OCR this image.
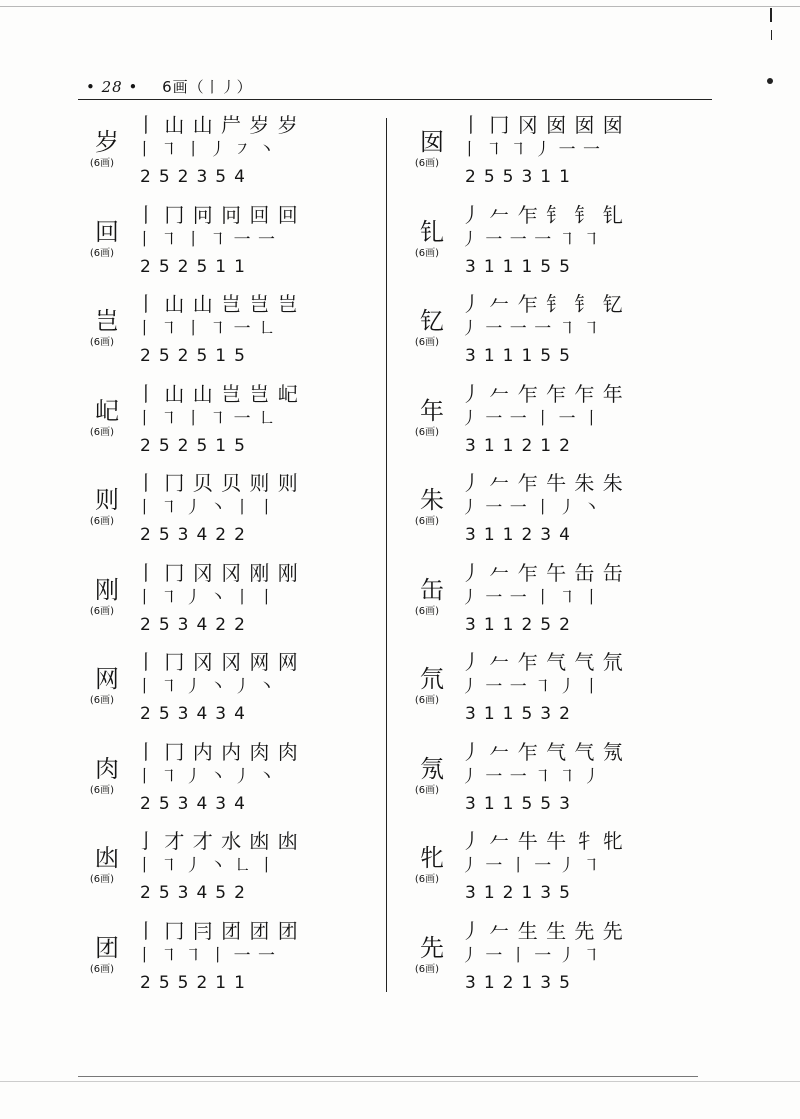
• 28 • 6画（丨丿）
岁
(6画)
丨 山 山 屵 岁 岁
丨 ㇕ 丨 丿 ㇇ 丶
252354
回
(6画)
丨 冂 冋 冋 回 回
丨 ㇕ 丨 ㇕ 一 一
252511
岂
(6画)
丨 山 山 岂 岂 岂
丨 ㇕ 丨 ㇕ 一 ㇗
252515
屺
(6画)
丨 山 山 岂 岂 屺
丨 ㇕ 丨 ㇕ 一 ㇗
252515
则
(6画)
丨 冂 贝 贝 则 则
丨 ㇕ 丿 丶 丨 丨
253422
刚
(6画)
丨 冂 冈 冈 刚 刚
丨 ㇕ 丿 丶 丨 丨
253422
网
(6画)
丨 冂 冈 冈 网 网
丨 ㇕ 丿 丶 丿 丶
253434
肉
(6画)
丨 冂 内 内 肉 肉
丨 ㇕ 丿 丶 丿 丶
253434
凼
(6画)
亅 才 才 水 凼 凼
丨 ㇕ 丿 丶 ㇗ 丨
253452
团
(6画)
丨 冂 冃 团 团 团
丨 ㇕ ㇕ 丨 一 一
255211
囡
(6画)
丨 冂 冈 囡 囡 囡
丨 ㇕ ㇕ 丿 一 一
255311
钆
(6画)
丿 𠂉 乍 钅 钅 钆
丿 一 一 一 ㇕ ㇕
311155
钇
(6画)
丿 𠂉 乍 钅 钅 钇
丿 一 一 一 ㇕ ㇕
311155
年
(6画)
丿 𠂉 乍 乍 乍 年
丿 一 一 丨 一 丨
311212
朱
(6画)
丿 𠂉 乍 牛 朱 朱
丿 一 一 丨 丿 丶
311234
缶
(6画)
丿 𠂉 乍 午 缶 缶
丿 一 一 丨 ㇕ 丨
311252
氘
(6画)
丿 𠂉 乍 气 气 氘
丿 一 一 ㇕ 丿 丨
311532
氖
(6画)
丿 𠂉 乍 气 气 氖
丿 一 一 ㇕ ㇕ 丿
311553
牝
(6画)
丿 𠂉 牛 牛 牜 牝
丿 一 丨 一 丿 ㇕
312135
先
(6画)
丿 𠂉 生 生 先 先
丿 一 丨 一 丿 ㇕
312135
